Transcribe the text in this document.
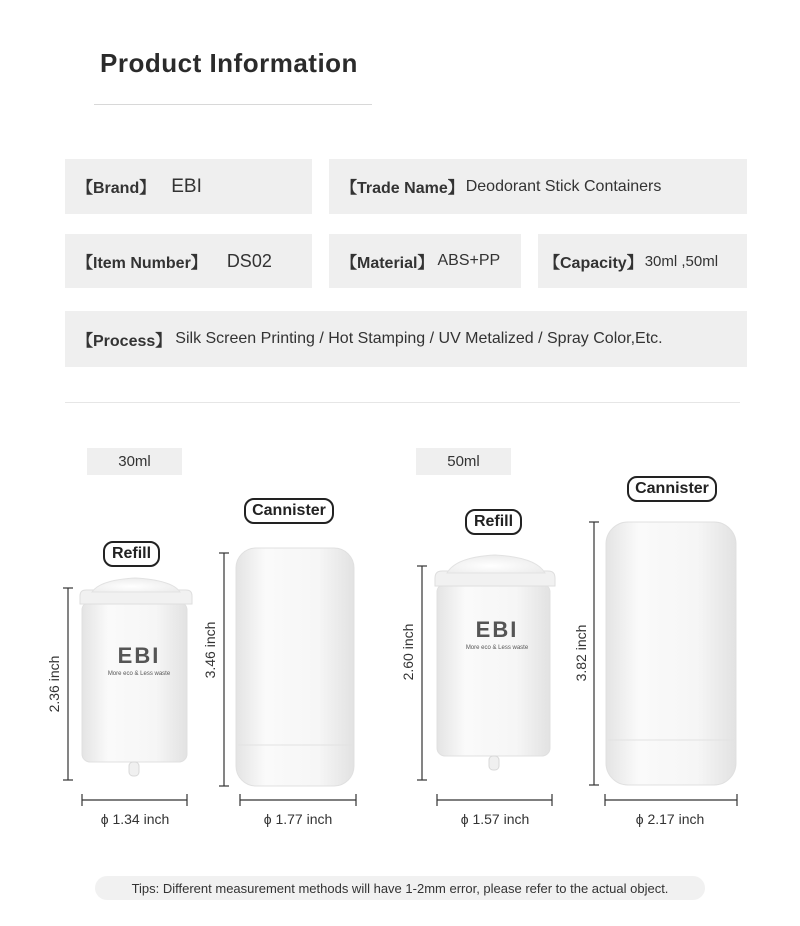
Product Information
【Brand】 EBI	【Trade Name】 Deodorant Stick Containers
【Item Number】 DS02	【Material】 ABS+PP	【Capacity】 30ml ,50ml
【Process】 Silk Screen Printing / Hot Stamping / UV Metalized / Spray Color,Etc.
30ml	50ml
EBI
More eco & Less waste
EBI
More eco & Less waste
Refill
Cannister
Refill
Cannister
2.36 inch
3.46 inch	2.60 inch	3.82 inch
ϕ 1.34 inch	ϕ 1.77 inch	ϕ 1.57 inch	ϕ 2.17 inch
Tips: Different measurement methods will have 1-2mm error, please refer to the actual object.
